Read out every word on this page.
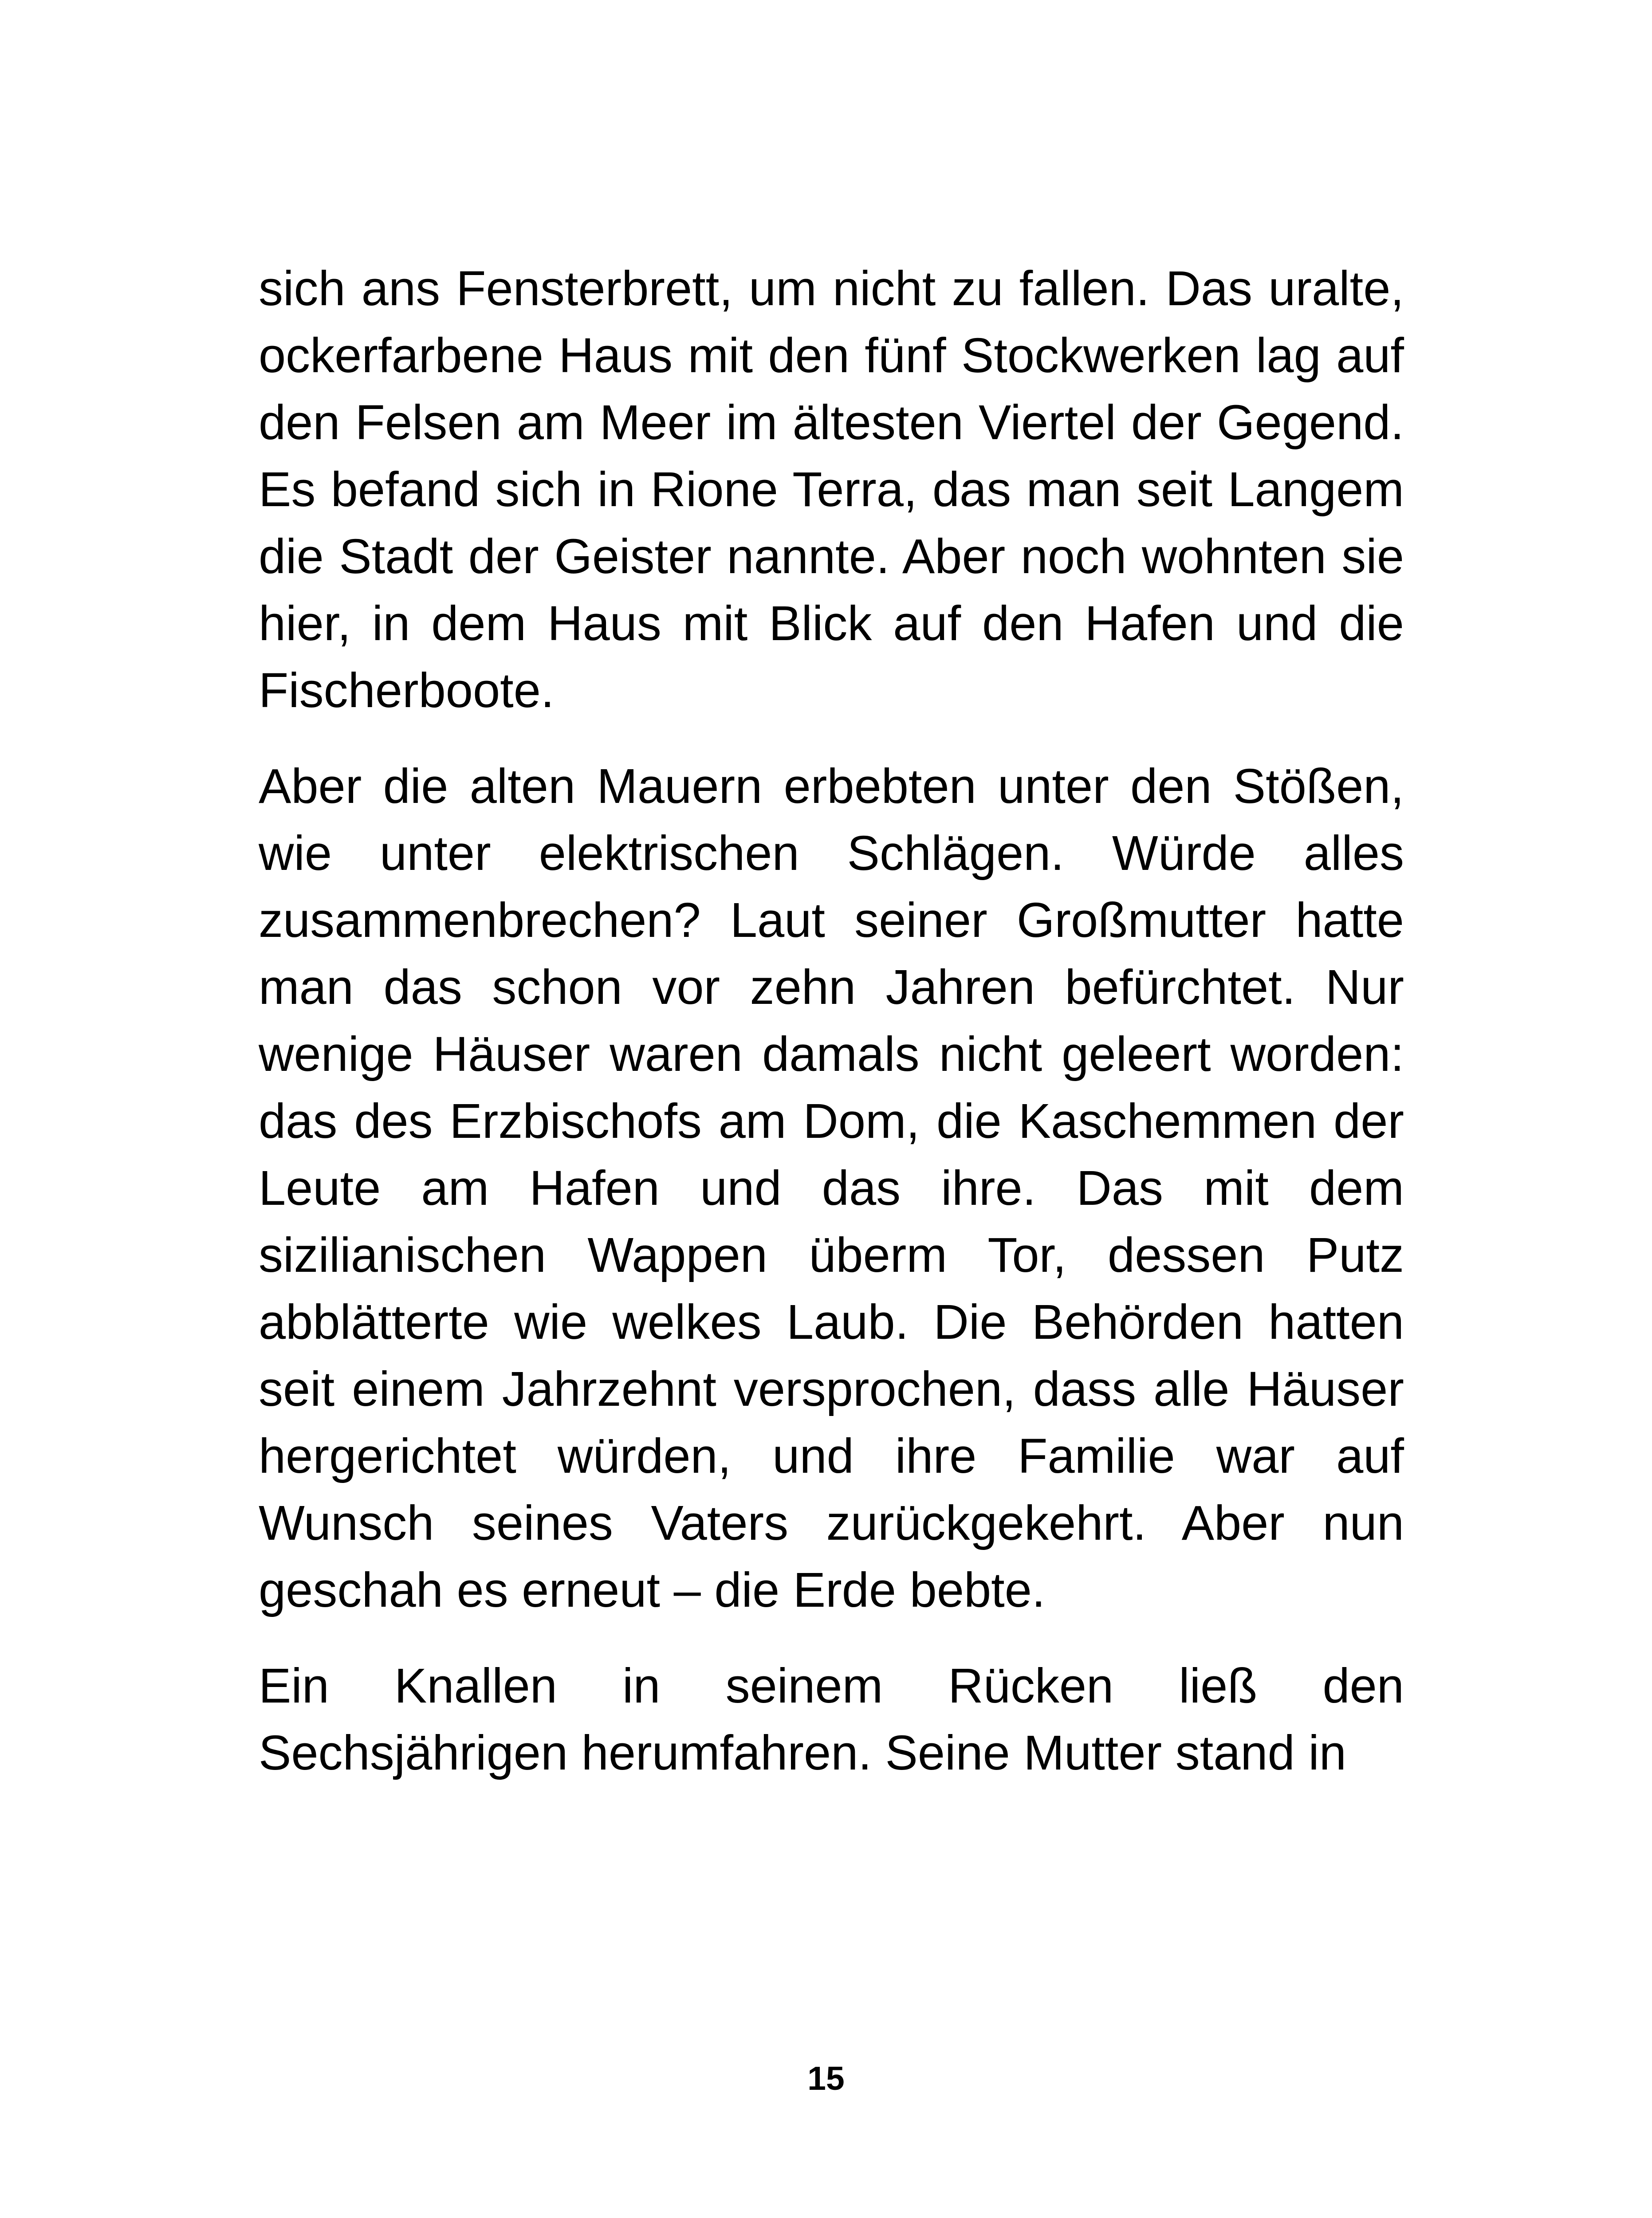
sich ans Fensterbrett, um nicht zu fallen. Das uralte, ockerfarbene Haus mit den fünf Stockwerken lag auf den Felsen am Meer im ältesten Viertel der Gegend. Es befand sich in Rione Terra, das man seit Langem die Stadt der Geister nannte. Aber noch wohnten sie hier, in dem Haus mit Blick auf den Hafen und die Fischerboote.

Aber die alten Mauern erbebten unter den Stößen, wie unter elektrischen Schlägen. Würde alles zusammenbrechen? Laut seiner Großmutter hatte man das schon vor zehn Jahren befürchtet. Nur wenige Häuser waren damals nicht geleert worden: das des Erzbischofs am Dom, die Kaschemmen der Leute am Hafen und das ihre. Das mit dem sizilianischen Wappen überm Tor, dessen Putz abblätterte wie welkes Laub. Die Behörden hatten seit einem Jahrzehnt versprochen, dass alle Häuser hergerichtet würden, und ihre Familie war auf Wunsch seines Vaters zurückgekehrt. Aber nun geschah es erneut – die Erde bebte.

Ein Knallen in seinem Rücken ließ den Sechsjährigen herumfahren. Seine Mutter stand in

15
